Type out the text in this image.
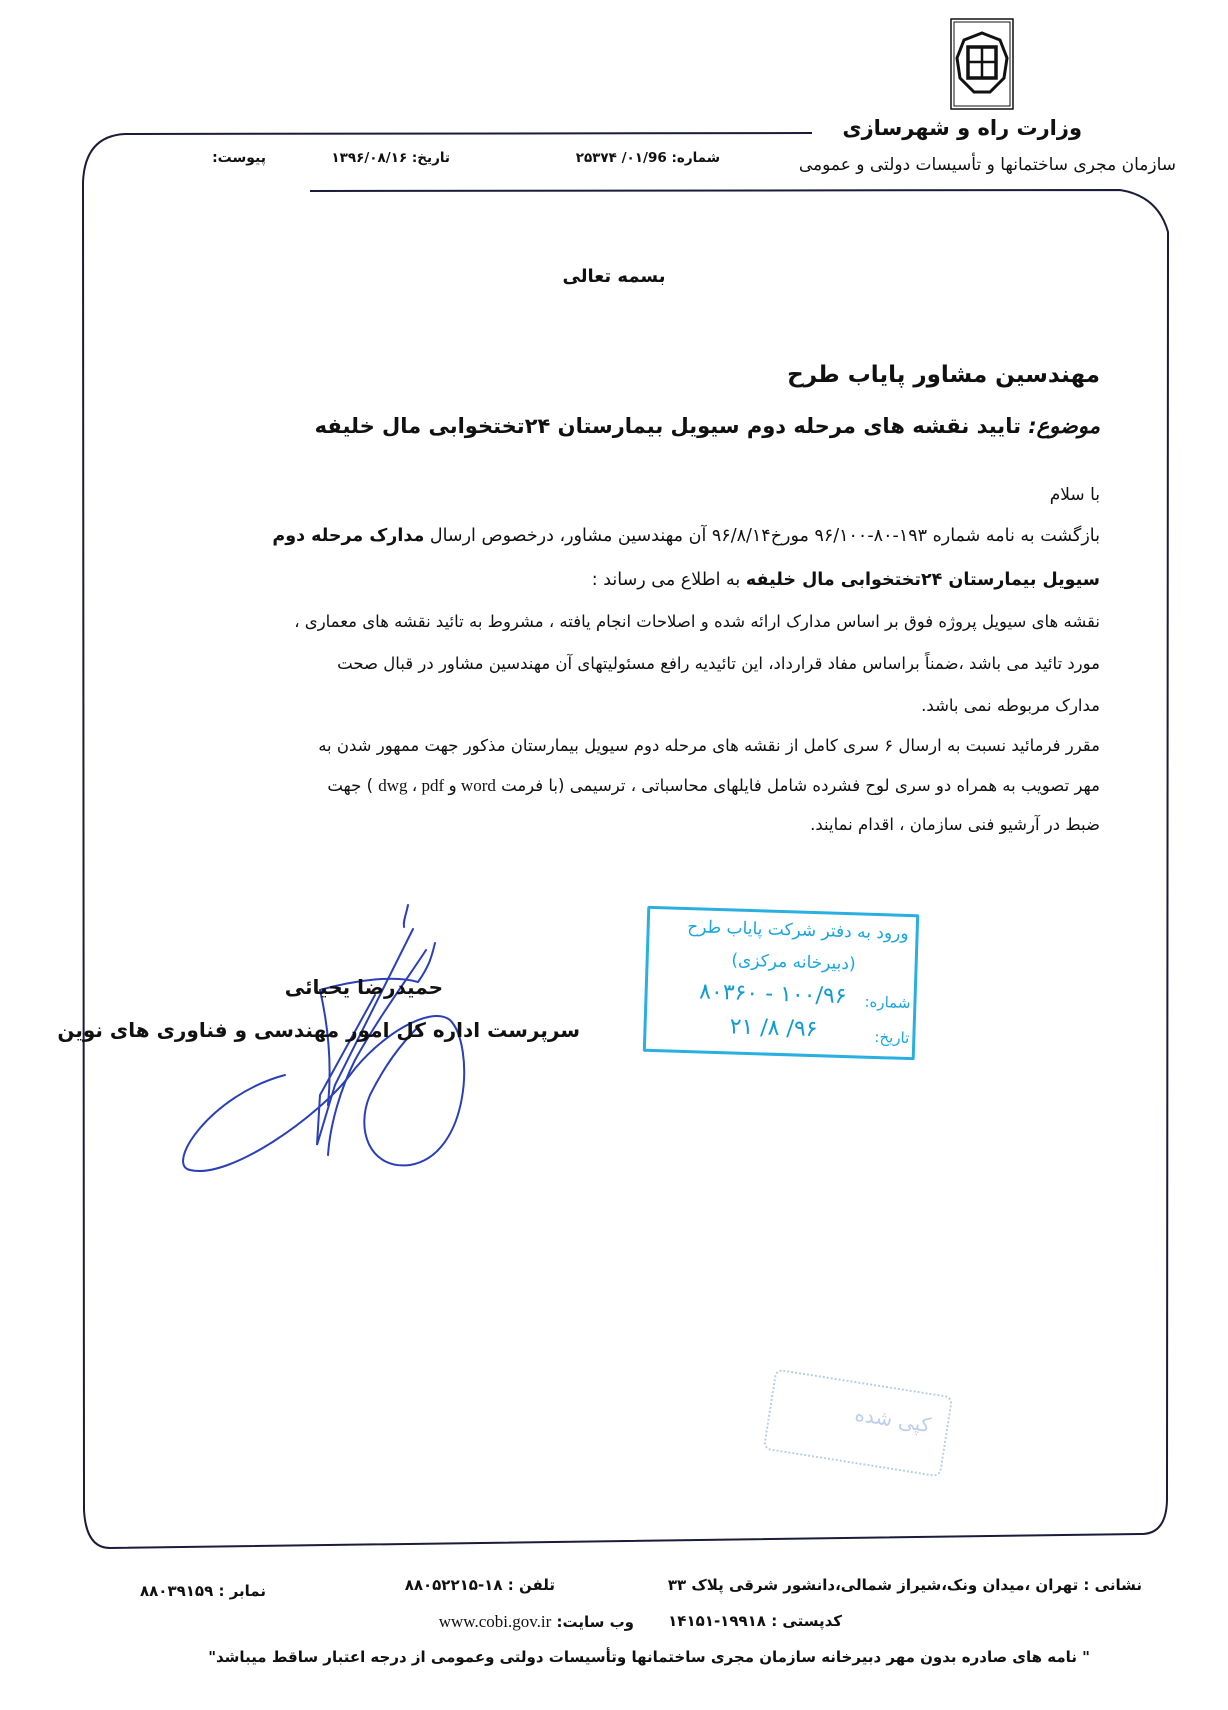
وزارت راه و شهرسازی
سازمان مجری ساختمانها و تأسیسات دولتی و عمومی
شماره: ۰۱/96/ ۲۵۳۷۴
تاریخ: ۱۳۹۶/۰۸/۱۶
پیوست:
بسمه تعالی
مهندسین مشاور پایاب طرح
موضوع: تایید نقشه های مرحله دوم سیویل بیمارستان ۲۴تختخوابی مال خلیفه
با سلام
بازگشت به نامه شماره ۱۹۳-۸۰-۹۶/۱۰۰ مورخ۹۶/۸/۱۴ آن مهندسین مشاور، درخصوص ارسال مدارک مرحله دوم
سیویل بیمارستان ۲۴تختخوابی مال خلیفه به اطلاع می رساند :
نقشه های سیویل پروژه فوق بر اساس مدارک ارائه شده و اصلاحات انجام یافته ، مشروط به تائید نقشه های معماری ،
مورد تائید می باشد ،ضمناً براساس مفاد قرارداد، این تائیدیه رافع مسئولیتهای آن مهندسین مشاور در قبال صحت
مدارک مربوطه نمی باشد.
مقرر فرمائید نسبت به ارسال ۶ سری کامل از نقشه های مرحله دوم سیویل بیمارستان مذکور جهت ممهور شدن به
مهر تصویب به همراه دو سری لوح فشرده شامل فایلهای محاسباتی ، ترسیمی (با فرمت dwg ، pdf و word ) جهت
ضبط در آرشیو فنی سازمان ، اقدام نمایند.
ورود به دفتر شرکت پایاب طرح
(دبیرخانه مرکزی)
شماره:
۱۰۰/۹۶ - ۸۰۳۶۰
تاریخ:
۹۶/ ۸/ ۲۱
حمیدرضا یحیائی
سرپرست اداره کل امور مهندسی و فناوری های نوین
کپی شده
نشانی : تهران ،میدان ونک،شیراز شمالی،دانشور شرقی پلاک ۳۳
تلفن : ۱۸-۸۸۰۵۲۲۱۵
نمابر : ۸۸۰۳۹۱۵۹
کدپستی : ۱۹۹۱۸-۱۴۱۵۱
وب سایت: www.cobi.gov.ir
" نامه های صادره بدون مهر دبیرخانه سازمان مجری ساختمانها وتأسیسات دولتی وعمومی از درجه اعتبار ساقط میباشد"
